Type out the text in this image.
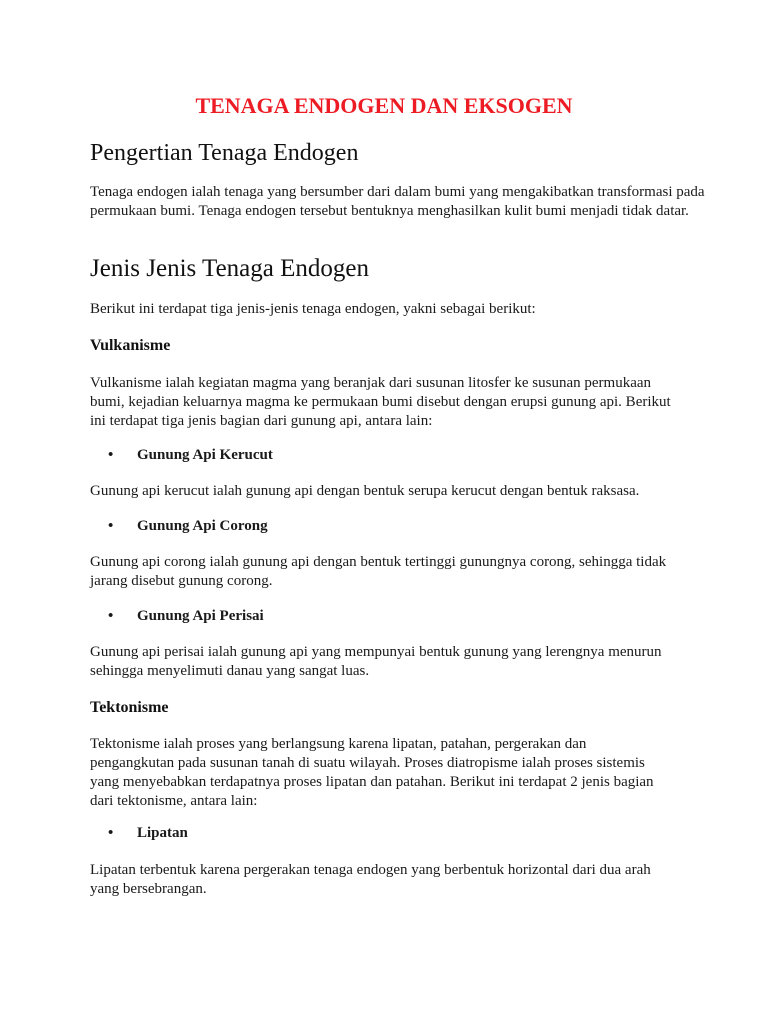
TENAGA ENDOGEN DAN EKSOGEN
Pengertian Tenaga Endogen

Tenaga endogen ialah tenaga yang bersumber dari dalam bumi yang mengakibatkan transformasi pada permukaan bumi. Tenaga endogen tersebut bentuknya menghasilkan kulit bumi menjadi tidak datar.

Jenis Jenis Tenaga Endogen

Berikut ini terdapat tiga jenis-jenis tenaga endogen, yakni sebagai berikut:

Vulkanisme

Vulkanisme ialah kegiatan magma yang beranjak dari susunan litosfer ke susunan permukaan bumi, kejadian keluarnya magma ke permukaan bumi disebut dengan erupsi gunung api. Berikut ini terdapat tiga jenis bagian dari gunung api, antara lain:

• Gunung Api Kerucut

Gunung api kerucut ialah gunung api dengan bentuk serupa kerucut dengan bentuk raksasa.

• Gunung Api Corong

Gunung api corong ialah gunung api dengan bentuk tertinggi gunungnya corong, sehingga tidak jarang disebut gunung corong.

• Gunung Api Perisai

Gunung api perisai ialah gunung api yang mempunyai bentuk gunung yang lerengnya menurun sehingga menyelimuti danau yang sangat luas.

Tektonisme

Tektonisme ialah proses yang berlangsung karena lipatan, patahan, pergerakan dan pengangkutan pada susunan tanah di suatu wilayah. Proses diatropisme ialah proses sistemis yang menyebabkan terdapatnya proses lipatan dan patahan. Berikut ini terdapat 2 jenis bagian dari tektonisme, antara lain:

• Lipatan

Lipatan terbentuk karena pergerakan tenaga endogen yang berbentuk horizontal dari dua arah yang bersebrangan.
